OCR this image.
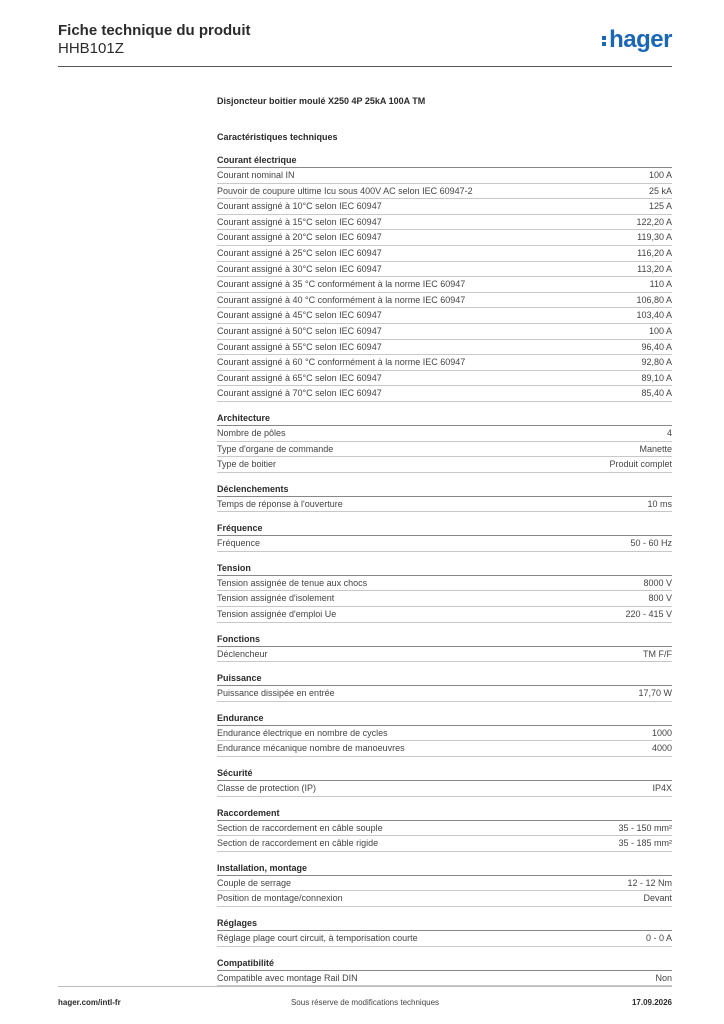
Fiche technique du produit
HHB101Z	hager
Disjoncteur boitier moulé X250 4P 25kA 100A TM
Caractéristiques techniques
Courant électrique
Courant nominal IN	100 A
Pouvoir de coupure ultime Icu sous 400V AC selon IEC 60947-2	25 kA
Courant assigné à 10°C selon IEC 60947	125 A
Courant assigné à 15°C selon IEC 60947	122,20 A
Courant assigné à 20°C selon IEC 60947	119,30 A
Courant assigné à 25°C selon IEC 60947	116,20 A
Courant assigné à 30°C selon IEC 60947	113,20 A
Courant assigné à 35 °C conformément à la norme IEC 60947	110 A
Courant assigné à 40 °C conformément à la norme IEC 60947	106,80 A
Courant assigné à 45°C selon IEC 60947	103,40 A
Courant assigné à 50°C selon IEC 60947	100 A
Courant assigné à 55°C selon IEC 60947	96,40 A
Courant assigné à 60 °C conformément à la norme IEC 60947	92,80 A
Courant assigné à 65°C selon IEC 60947	89,10 A
Courant assigné à 70°C selon IEC 60947	85,40 A
Architecture
Nombre de pôles	4
Type d'organe de commande	Manette
Type de boitier	Produit complet
Déclenchements
Temps de réponse à l'ouverture	10 ms
Fréquence
Fréquence	50 - 60 Hz
Tension
Tension assignée de tenue aux chocs	8000 V
Tension assignée d'isolement	800 V
Tension assignée d'emploi Ue	220 - 415 V
Fonctions
Déclencheur	TM F/F
Puissance
Puissance dissipée en entrée	17,70 W
Endurance
Endurance électrique en nombre de cycles	1000
Endurance mécanique nombre de manoeuvres	4000
Sécurité
Classe de protection (IP)	IP4X
Raccordement
Section de raccordement en câble souple	35 - 150 mm²
Section de raccordement en câble rigide	35 - 185 mm²
Installation, montage
Couple de serrage	12 - 12 Nm
Position de montage/connexion	Devant
Réglages
Réglage plage court circuit, à temporisation courte	0 - 0 A
Compatibilité
Compatible avec montage Rail DIN	Non
hager.com/intl-fr	Sous réserve de modifications techniques	17.09.2026
